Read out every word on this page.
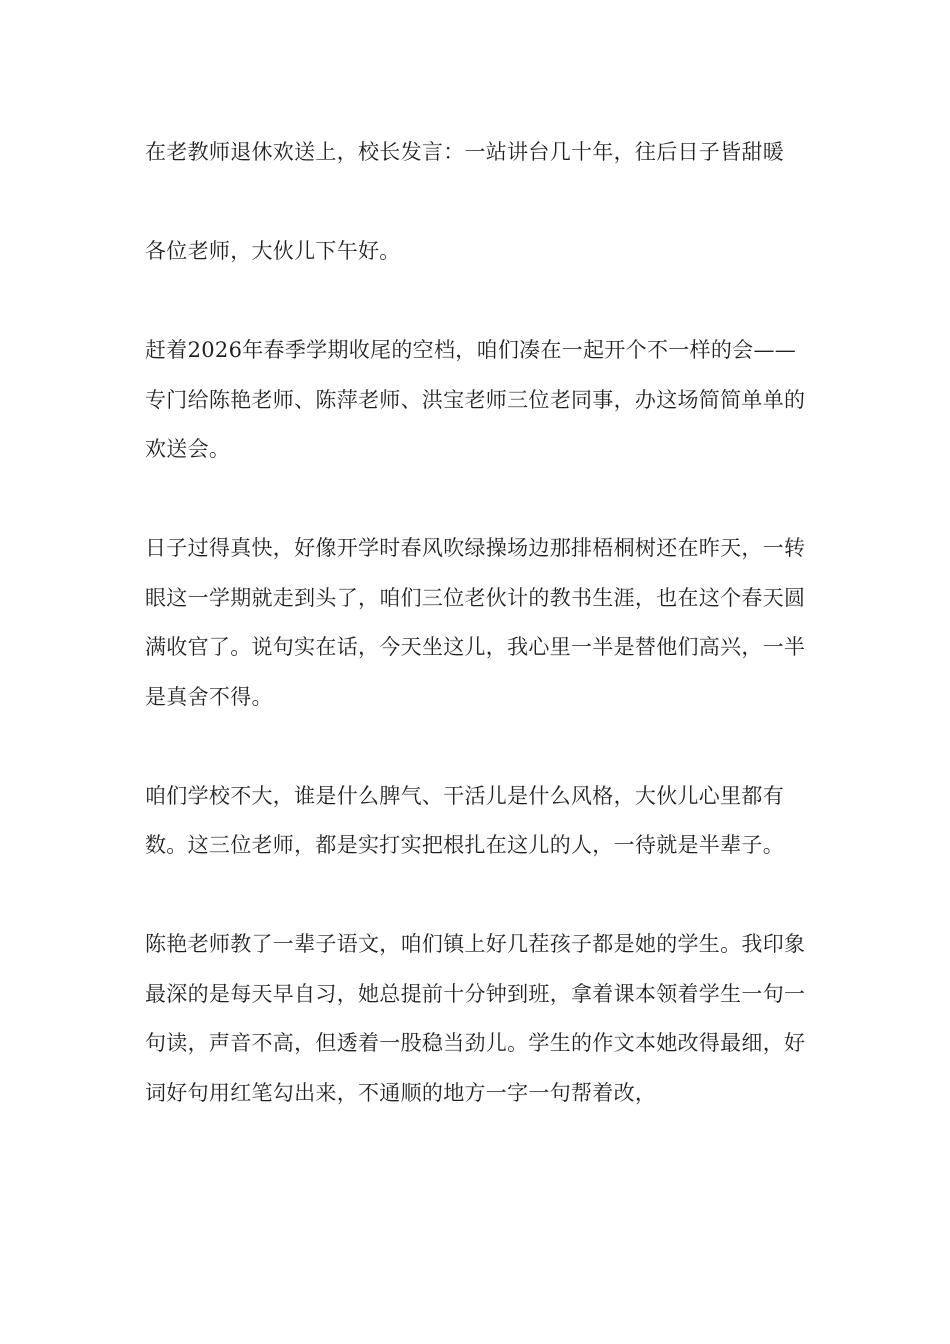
在老教师退休欢送上，校长发言：一站讲台几十年，往后日子皆甜暖

各位老师，大伙儿下午好。

赶着2026年春季学期收尾的空档，咱们凑在一起开个不一样的会——专门给陈艳老师、陈萍老师、洪宝老师三位老同事，办这场简简单单的欢送会。

日子过得真快，好像开学时春风吹绿操场边那排梧桐树还在昨天，一转眼这一学期就走到头了，咱们三位老伙计的教书生涯，也在这个春天圆满收官了。说句实在话，今天坐这儿，我心里一半是替他们高兴，一半是真舍不得。

咱们学校不大，谁是什么脾气、干活儿是什么风格，大伙儿心里都有数。这三位老师，都是实打实把根扎在这儿的人，一待就是半辈子。

陈艳老师教了一辈子语文，咱们镇上好几茬孩子都是她的学生。我印象最深的是每天早自习，她总提前十分钟到班，拿着课本领着学生一句一句读，声音不高，但透着一股稳当劲儿。学生的作文本她改得最细，好词好句用红笔勾出来，不通顺的地方一字一句帮着改，
